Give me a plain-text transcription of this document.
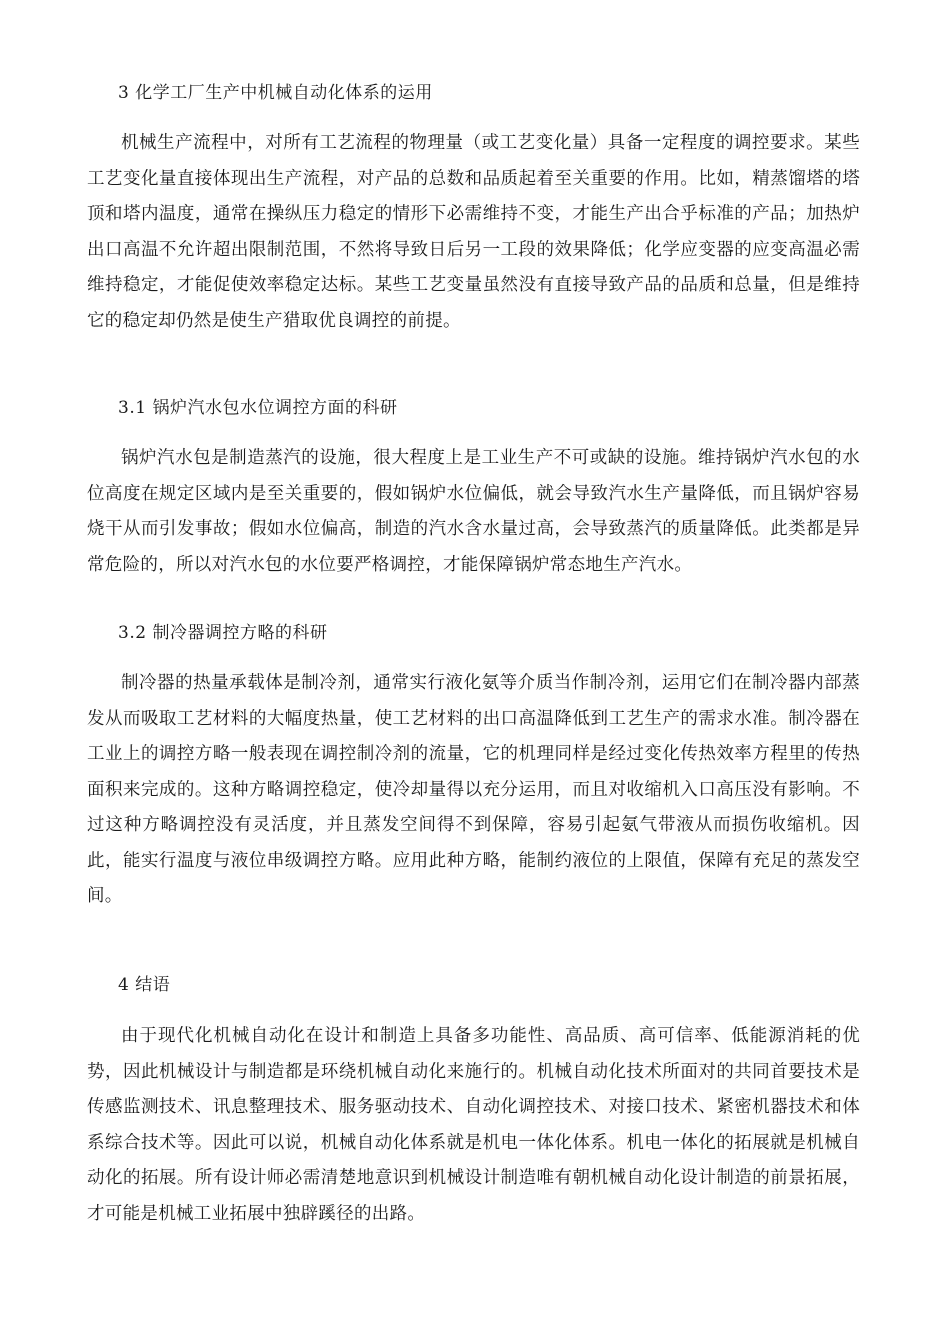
3 化学工厂生产中机械自动化体系的运用

机械生产流程中，对所有工艺流程的物理量（或工艺变化量）具备一定程度的调控要求。某些工艺变化量直接体现出生产流程，对产品的总数和品质起着至关重要的作用。比如，精蒸馏塔的塔顶和塔内温度，通常在操纵压力稳定的情形下必需维持不变，才能生产出合乎标准的产品；加热炉出口高温不允许超出限制范围，不然将导致日后另一工段的效果降低；化学应变器的应变高温必需维持稳定，才能促使效率稳定达标。某些工艺变量虽然没有直接导致产品的品质和总量，但是维持它的稳定却仍然是使生产猎取优良调控的前提。

3.1 锅炉汽水包水位调控方面的科研

锅炉汽水包是制造蒸汽的设施，很大程度上是工业生产不可或缺的设施。维持锅炉汽水包的水位高度在规定区域内是至关重要的，假如锅炉水位偏低，就会导致汽水生产量降低，而且锅炉容易烧干从而引发事故；假如水位偏高，制造的汽水含水量过高，会导致蒸汽的质量降低。此类都是异常危险的，所以对汽水包的水位要严格调控，才能保障锅炉常态地生产汽水。

3.2 制冷器调控方略的科研

制冷器的热量承载体是制冷剂，通常实行液化氨等介质当作制冷剂，运用它们在制冷器内部蒸发从而吸取工艺材料的大幅度热量，使工艺材料的出口高温降低到工艺生产的需求水准。制冷器在工业上的调控方略一般表现在调控制冷剂的流量，它的机理同样是经过变化传热效率方程里的传热面积来完成的。这种方略调控稳定，使冷却量得以充分运用，而且对收缩机入口高压没有影响。不过这种方略调控没有灵活度，并且蒸发空间得不到保障，容易引起氨气带液从而损伤收缩机。因此，能实行温度与液位串级调控方略。应用此种方略，能制约液位的上限值，保障有充足的蒸发空间。

4 结语

由于现代化机械自动化在设计和制造上具备多功能性、高品质、高可信率、低能源消耗的优势，因此机械设计与制造都是环绕机械自动化来施行的。机械自动化技术所面对的共同首要技术是传感监测技术、讯息整理技术、服务驱动技术、自动化调控技术、对接口技术、紧密机器技术和体系综合技术等。因此可以说，机械自动化体系就是机电一体化体系。机电一体化的拓展就是机械自动化的拓展。所有设计师必需清楚地意识到机械设计制造唯有朝机械自动化设计制造的前景拓展，才可能是机械工业拓展中独辟蹊径的出路。
